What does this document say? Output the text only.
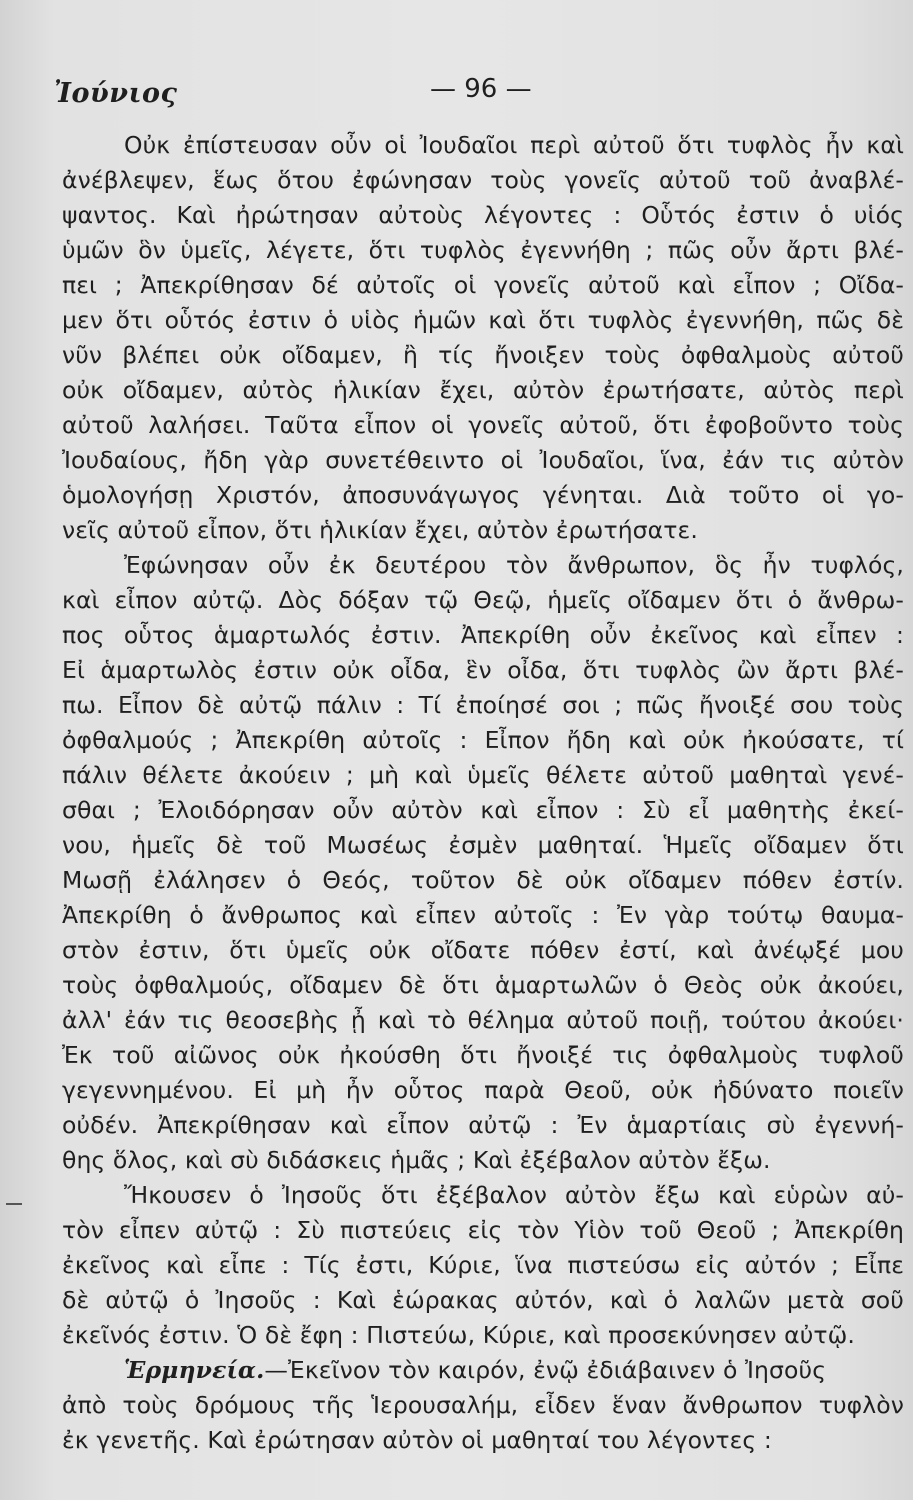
Ἰούνιος	— 96 —
Οὐκ ἐπίστευσαν οὖν οἱ Ἰουδαῖοι περὶ αὐτοῦ ὅτι τυφλὸς ἦν καὶ
ἀνέβλεψεν, ἕως ὅτου ἐφώνησαν τοὺς γονεῖς αὐτοῦ τοῦ ἀναβλέ-
ψαντος. Καὶ ἠρώτησαν αὐτοὺς λέγοντες : Οὗτός ἐστιν ὁ υἱός
ὑμῶν ὃν ὑμεῖς, λέγετε, ὅτι τυφλὸς ἐγεννήθη ; πῶς οὖν ἄρτι βλέ-
πει ; Ἀπεκρίθησαν δέ αὐτοῖς οἱ γονεῖς αὐτοῦ καὶ εἶπον ; Οἴδα-
μεν ὅτι οὗτός ἐστιν ὁ υἱὸς ἡμῶν καὶ ὅτι τυφλὸς ἐγεννήθη, πῶς δὲ
νῦν βλέπει οὐκ οἴδαμεν, ἢ τίς ἤνοιξεν τοὺς ὀφθαλμοὺς αὐτοῦ
οὐκ οἴδαμεν, αὐτὸς ἡλικίαν ἔχει, αὐτὸν ἐρωτήσατε, αὐτὸς περὶ
αὐτοῦ λαλήσει. Ταῦτα εἶπον οἱ γονεῖς αὐτοῦ, ὅτι ἐφοβοῦντο τοὺς
Ἰουδαίους, ἤδη γὰρ συνετέθειντο οἱ Ἰουδαῖοι, ἵνα, ἐάν τις αὐτὸν
ὁμολογήσῃ Χριστόν, ἀποσυνάγωγος γένηται. Διὰ τοῦτο οἱ γο-
νεῖς αὐτοῦ εἶπον, ὅτι ἡλικίαν ἔχει, αὐτὸν ἐρωτήσατε.
Ἐφώνησαν οὖν ἐκ δευτέρου τὸν ἄνθρωπον, ὃς ἦν τυφλός,
καὶ εἶπον αὐτῷ. Δὸς δόξαν τῷ Θεῷ, ἡμεῖς οἴδαμεν ὅτι ὁ ἄνθρω-
πος οὗτος ἁμαρτωλός ἐστιν. Ἀπεκρίθη οὖν ἐκεῖνος καὶ εἶπεν :
Εἰ ἁμαρτωλὸς ἐστιν οὐκ οἶδα, ἓν οἶδα, ὅτι τυφλὸς ὢν ἄρτι βλέ-
πω. Εἶπον δὲ αὐτῷ πάλιν : Τί ἐποίησέ σοι ; πῶς ἤνοιξέ σου τοὺς
ὀφθαλμούς ; Ἀπεκρίθη αὐτοῖς : Εἶπον ἤδη καὶ οὐκ ἠκούσατε, τί
πάλιν θέλετε ἀκούειν ; μὴ καὶ ὑμεῖς θέλετε αὐτοῦ μαθηταὶ γενέ-
σθαι ; Ἐλοιδόρησαν οὖν αὐτὸν καὶ εἶπον : Σὺ εἶ μαθητὴς ἐκεί-
νου, ἡμεῖς δὲ τοῦ Μωσέως ἐσμὲν μαθηταί. Ἡμεῖς οἴδαμεν ὅτι
Μωσῇ ἐλάλησεν ὁ Θεός, τοῦτον δὲ οὐκ οἴδαμεν πόθεν ἐστίν.
Ἀπεκρίθη ὁ ἄνθρωπος καὶ εἶπεν αὐτοῖς : Ἐν γὰρ τούτῳ θαυμα-
στὸν ἐστιν, ὅτι ὑμεῖς οὐκ οἴδατε πόθεν ἐστί, καὶ ἀνέῳξέ μου
τοὺς ὀφθαλμούς, οἴδαμεν δὲ ὅτι ἁμαρτωλῶν ὁ Θεὸς οὐκ ἀκούει,
ἀλλ' ἐάν τις θεοσεβὴς ᾖ καὶ τὸ θέλημα αὐτοῦ ποιῇ, τούτου ἀκούει·
Ἐκ τοῦ αἰῶνος οὐκ ἠκούσθη ὅτι ἤνοιξέ τις ὀφθαλμοὺς τυφλοῦ
γεγεννημένου. Εἰ μὴ ἦν οὗτος παρὰ Θεοῦ, οὐκ ἠδύνατο ποιεῖν
οὐδέν. Ἀπεκρίθησαν καὶ εἶπον αὐτῷ : Ἐν ἁμαρτίαις σὺ ἐγεννή-
θης ὅλος, καὶ σὺ διδάσκεις ἡμᾶς ; Καὶ ἐξέβαλον αὐτὸν ἔξω.
Ἤκουσεν ὁ Ἰησοῦς ὅτι ἐξέβαλον αὐτὸν ἔξω καὶ εὑρὼν αὐ-
τὸν εἶπεν αὐτῷ : Σὺ πιστεύεις εἰς τὸν Υἱὸν τοῦ Θεοῦ ; Ἀπεκρίθη
ἐκεῖνος καὶ εἶπε : Τίς ἐστι, Κύριε, ἵνα πιστεύσω εἰς αὐτόν ; Εἶπε
δὲ αὐτῷ ὁ Ἰησοῦς : Καὶ ἑώρακας αὐτόν, καὶ ὁ λαλῶν μετὰ σοῦ
ἐκεῖνός ἐστιν. Ὁ δὲ ἔφη : Πιστεύω, Κύριε, καὶ προσεκύνησεν αὐτῷ.
Ἑρμηνεία.—Ἐκεῖνον τὸν καιρόν, ἐνῷ ἐδιάβαινεν ὁ Ἰησοῦς
ἀπὸ τοὺς δρόμους τῆς Ἱερουσαλήμ, εἶδεν ἕναν ἄνθρωπον τυφλὸν
ἐκ γενετῆς. Καὶ ἐρώτησαν αὐτὸν οἱ μαθηταί του λέγοντες :
